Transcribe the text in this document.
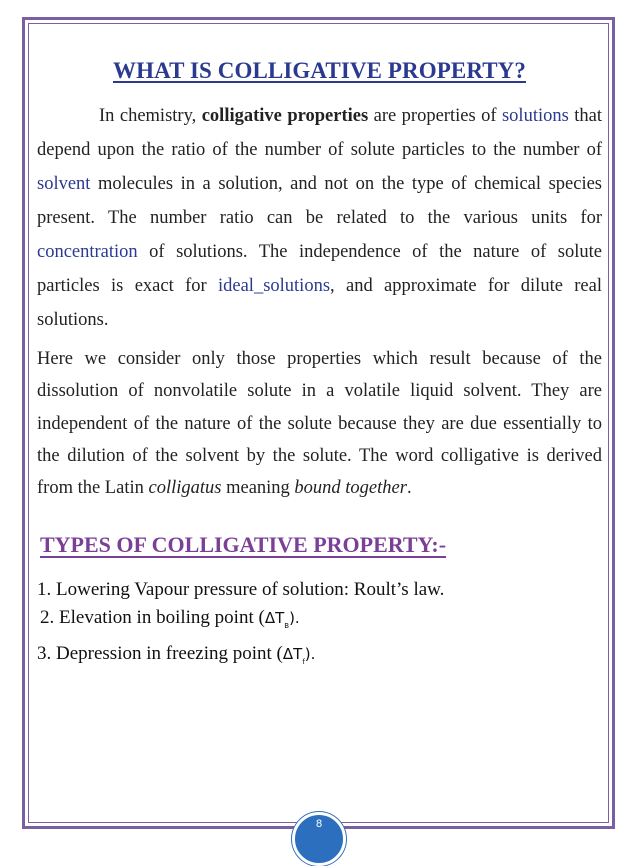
WHAT IS COLLIGATIVE PROPERTY?

In chemistry, colligative properties are properties of solutions that depend upon the ratio of the number of solute particles to the number of solvent molecules in a solution, and not on the type of chemical species present. The number ratio can be related to the various units for concentration of solutions. The independence of the nature of solute particles is exact for ideal_solutions, and approximate for dilute real solutions.

Here we consider only those properties which result because of the dissolution of nonvolatile solute in a volatile liquid solvent. They are independent of the nature of the solute because they are due essentially to the dilution of the solvent by the solute. The word colligative is derived from the Latin colligatus meaning bound together.

TYPES OF COLLIGATIVE PROPERTY:-

1. Lowering Vapour pressure of solution: Roult’s law.

2. Elevation in boiling point $(\Delta T_B)$.

3. Depression in freezing point $(\Delta T_f)$.

8
